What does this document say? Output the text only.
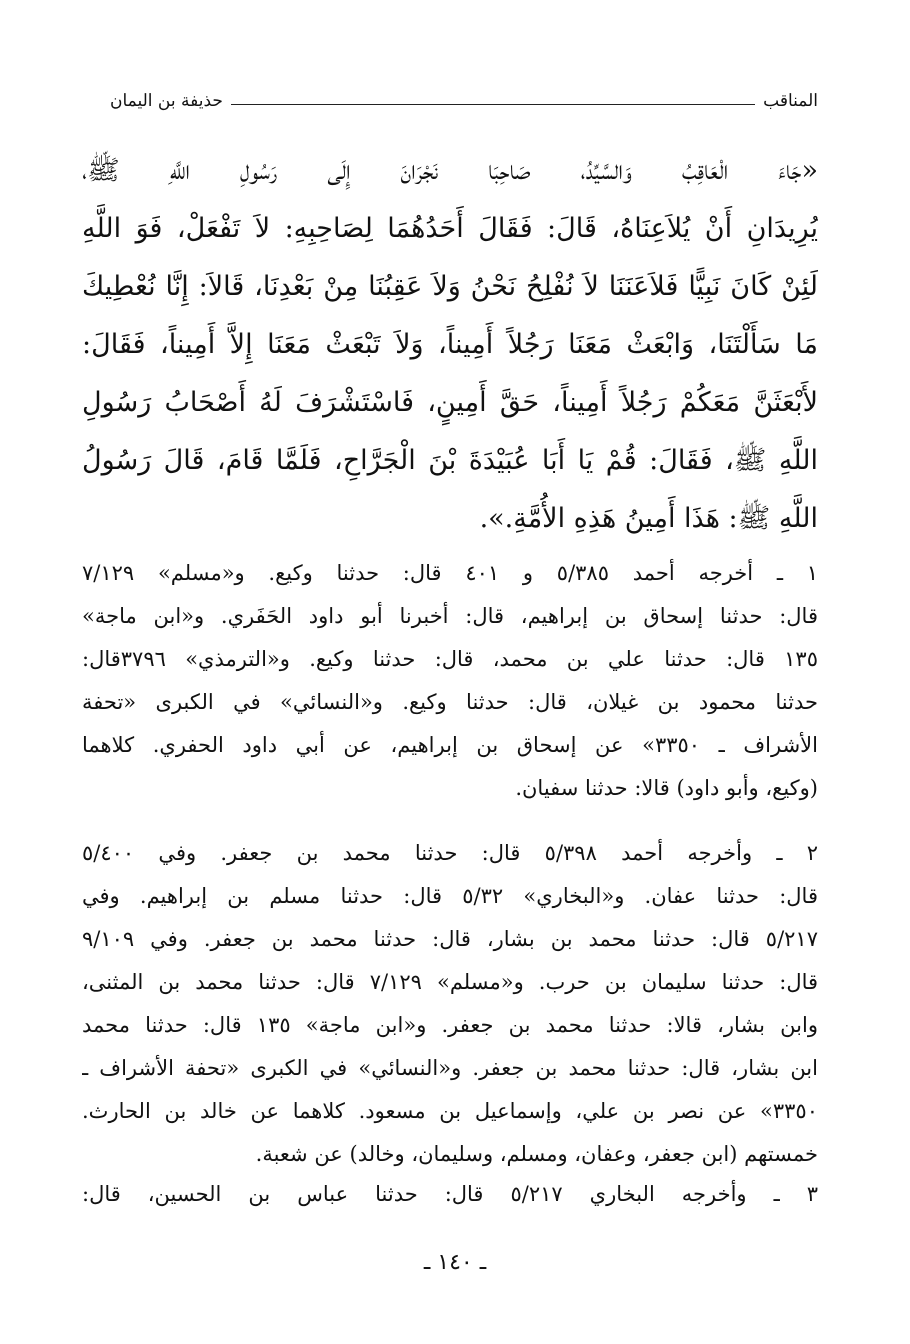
المناقب
حذيفة بن اليمان
«جَاءَ الْعَاقِبُ وَالسَّيِّدُ، صَاحِبَا نَجْرَانَ إِلَى رَسُولِ اللَّهِ ﷺ،
يُرِيدَانِ أَنْ يُلاَعِنَاهُ، قَالَ: فَقَالَ أَحَدُهُمَا لِصَاحِبِهِ: لاَ تَفْعَلْ، فَوَ اللَّهِ
لَئِنْ كَانَ نَبِيًّا فَلاَعَنَنَا لاَ نُفْلِحُ نَحْنُ وَلاَ عَقِبُنَا مِنْ بَعْدِنَا، قَالاَ: إِنَّا نُعْطِيكَ
مَا سَأَلْتَنَا، وَابْعَثْ مَعَنَا رَجُلاً أَمِيناً، وَلاَ تَبْعَثْ مَعَنَا إِلاَّ أَمِيناً، فَقَالَ:
لأَبْعَثَنَّ مَعَكُمْ رَجُلاً أَمِيناً، حَقَّ أَمِينٍ، فَاسْتَشْرَفَ لَهُ أَصْحَابُ رَسُولِ
اللَّهِ ﷺ، فَقَالَ: قُمْ يَا أَبَا عُبَيْدَةَ بْنَ الْجَرَّاحِ، فَلَمَّا قَامَ، قَالَ رَسُولُ
اللَّهِ ﷺ: هَذَا أَمِينُ هَذِهِ الأُمَّةِ.».
١ ـ أخرجه أحمد ٥/٣٨٥ و ٤٠١ قال: حدثنا وكيع. و«مسلم» ٧/١٢٩
قال: حدثنا إسحاق بن إبراهيم، قال: أخبرنا أبو داود الحَفَري. و«ابن ماجة»
١٣٥ قال: حدثنا علي بن محمد، قال: حدثنا وكيع. و«الترمذي» ٣٧٩٦قال:
حدثنا محمود بن غيلان، قال: حدثنا وكيع. و«النسائي» في الكبرى «تحفة
الأشراف ـ ٣٣٥٠» عن إسحاق بن إبراهيم، عن أبي داود الحفري. كلاهما
(وكيع، وأبو داود) قالا: حدثنا سفيان.
٢ ـ وأخرجه أحمد ٥/٣٩٨ قال: حدثنا محمد بن جعفر. وفي ٥/٤٠٠
قال: حدثنا عفان. و«البخاري» ٥/٣٢ قال: حدثنا مسلم بن إبراهيم. وفي
٥/٢١٧ قال: حدثنا محمد بن بشار، قال: حدثنا محمد بن جعفر. وفي ٩/١٠٩
قال: حدثنا سليمان بن حرب. و«مسلم» ٧/١٢٩ قال: حدثنا محمد بن المثنى،
وابن بشار، قالا: حدثنا محمد بن جعفر. و«ابن ماجة» ١٣٥ قال: حدثنا محمد
ابن بشار، قال: حدثنا محمد بن جعفر. و«النسائي» في الكبرى «تحفة الأشراف ـ
٣٣٥٠» عن نصر بن علي، وإسماعيل بن مسعود. كلاهما عن خالد بن الحارث.
خمستهم (ابن جعفر، وعفان، ومسلم، وسليمان، وخالد) عن شعبة.
٣ ـ وأخرجه البخاري ٥/٢١٧ قال: حدثنا عباس بن الحسين، قال:
ـ ١٤٠ ـ
